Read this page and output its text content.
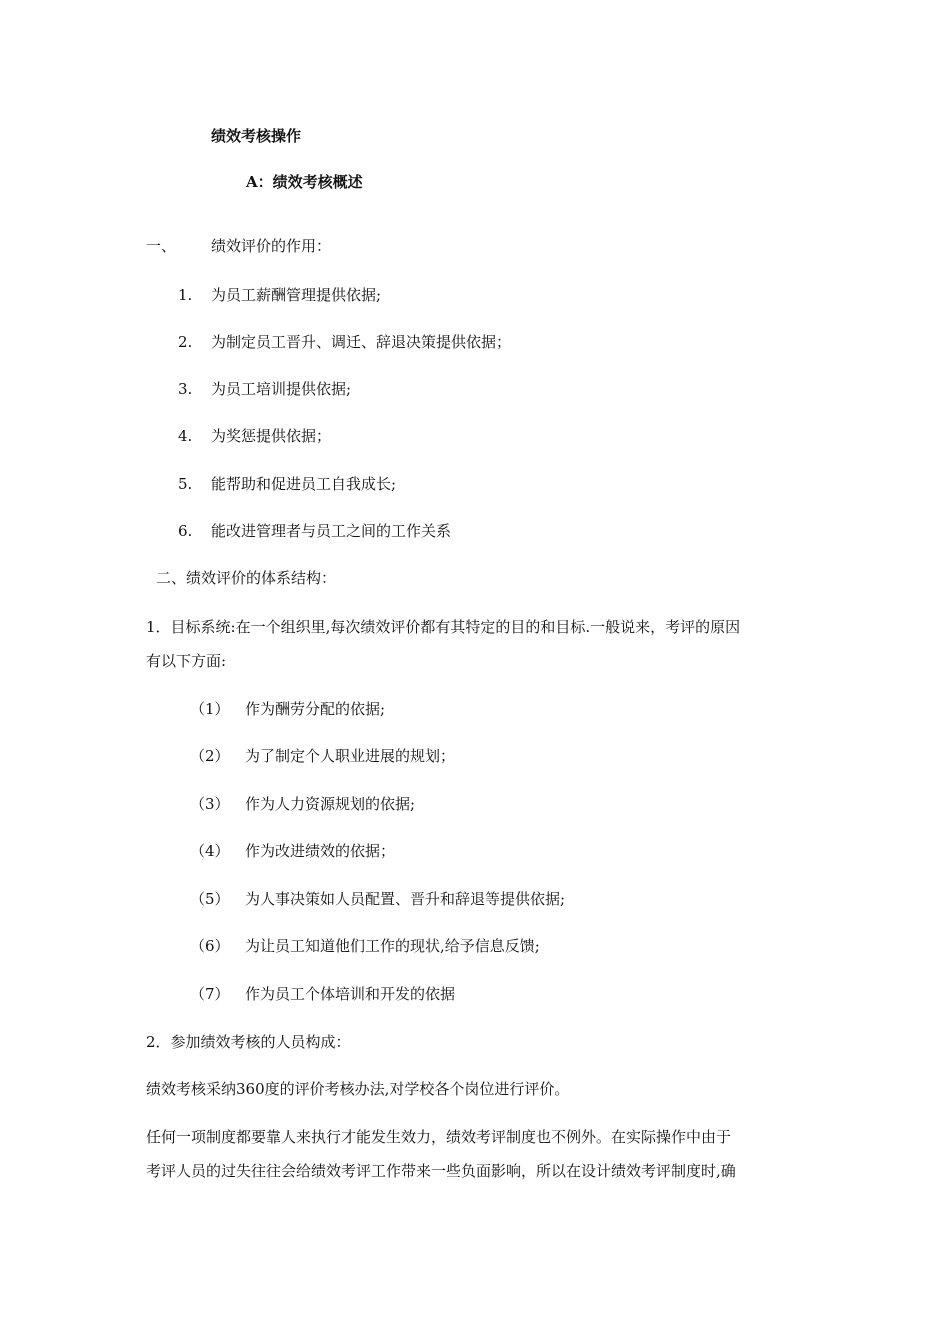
绩效考核操作
A：绩效考核概述
一、 绩效评价的作用：
1. 为员工薪酬管理提供依据;
2. 为制定员工晋升、调迁、辞退决策提供依据；
3. 为员工培训提供依据;
4. 为奖惩提供依据；
5. 能帮助和促进员工自我成长;
6. 能改进管理者与员工之间的工作关系
二、绩效评价的体系结构：
1．目标系统:在一个组织里,每次绩效评价都有其特定的目的和目标.一般说来，考评的原因
有以下方面:
（1） 作为酬劳分配的依据;
（2） 为了制定个人职业进展的规划；
（3） 作为人力资源规划的依据;
（4） 作为改进绩效的依据；
（5） 为人事决策如人员配置、晋升和辞退等提供依据;
（6） 为让员工知道他们工作的现状,给予信息反馈;
（7） 作为员工个体培训和开发的依据
2．参加绩效考核的人员构成：
绩效考核采纳360度的评价考核办法,对学校各个岗位进行评价。
任何一项制度都要靠人来执行才能发生效力，绩效考评制度也不例外。在实际操作中由于
考评人员的过失往往会给绩效考评工作带来一些负面影响，所以在设计绩效考评制度时,确
